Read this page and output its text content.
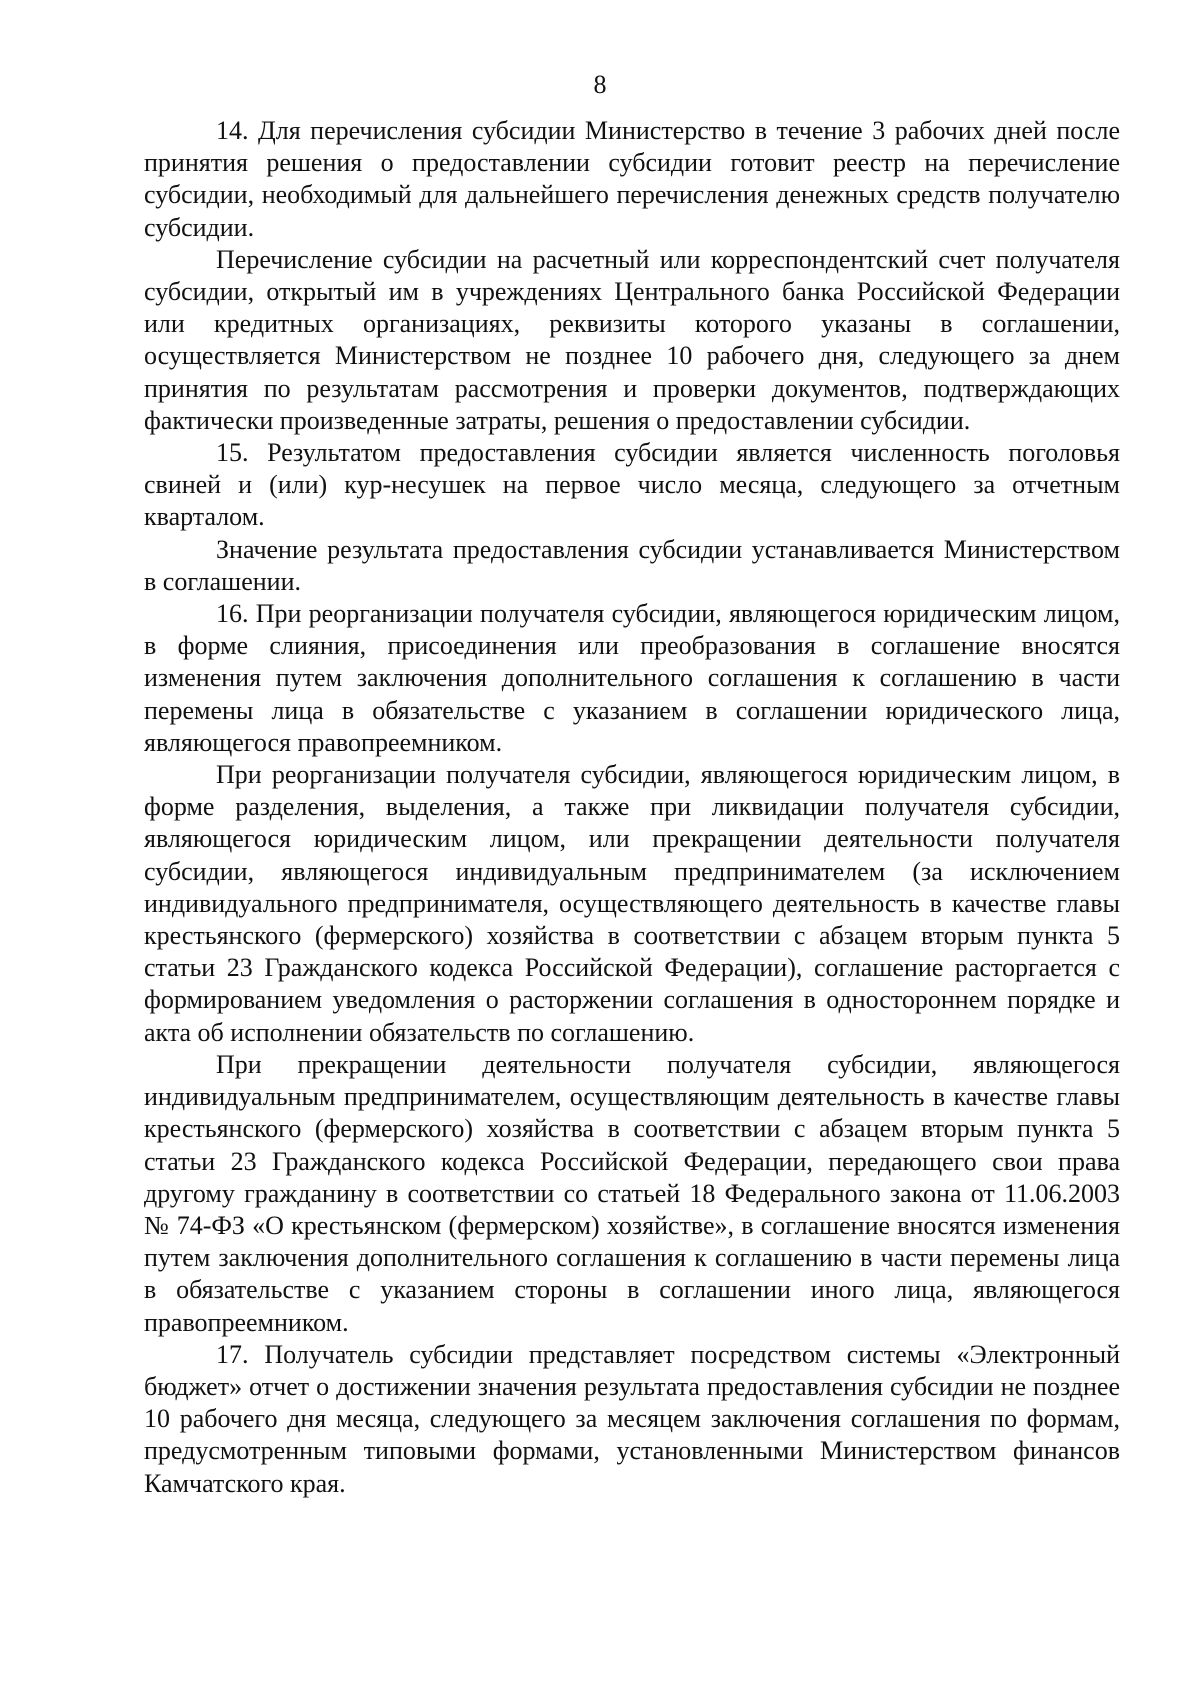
8

14. Для перечисления субсидии Министерство в течение 3 рабочих дней после принятия решения о предоставлении субсидии готовит реестр на перечисление субсидии, необходимый для дальнейшего перечисления денежных средств получателю субсидии.

Перечисление субсидии на расчетный или корреспондентский счет получателя субсидии, открытый им в учреждениях Центрального банка Российской Федерации или кредитных организациях, реквизиты которого указаны в соглашении, осуществляется Министерством не позднее 10 рабочего дня, следующего за днем принятия по результатам рассмотрения и проверки документов, подтверждающих фактически произведенные затраты, решения о предоставлении субсидии.

15. Результатом предоставления субсидии является численность поголовья свиней и (или) кур-несушек на первое число месяца, следующего за отчетным кварталом.

Значение результата предоставления субсидии устанавливается Министерством в соглашении.

16. При реорганизации получателя субсидии, являющегося юридическим лицом, в форме слияния, присоединения или преобразования в соглашение вносятся изменения путем заключения дополнительного соглашения к соглашению в части перемены лица в обязательстве с указанием в соглашении юридического лица, являющегося правопреемником.

При реорганизации получателя субсидии, являющегося юридическим лицом, в форме разделения, выделения, а также при ликвидации получателя субсидии, являющегося юридическим лицом, или прекращении деятельности получателя субсидии, являющегося индивидуальным предпринимателем (за исключением индивидуального предпринимателя, осуществляющего деятельность в качестве главы крестьянского (фермерского) хозяйства в соответствии с абзацем вторым пункта 5 статьи 23 Гражданского кодекса Российской Федерации), соглашение расторгается с формированием уведомления о расторжении соглашения в одностороннем порядке и акта об исполнении обязательств по соглашению.

При прекращении деятельности получателя субсидии, являющегося индивидуальным предпринимателем, осуществляющим деятельность в качестве главы крестьянского (фермерского) хозяйства в соответствии с абзацем вторым пункта 5 статьи 23 Гражданского кодекса Российской Федерации, передающего свои права другому гражданину в соответствии со статьей 18 Федерального закона от 11.06.2003 № 74-ФЗ «О крестьянском (фермерском) хозяйстве», в соглашение вносятся изменения путем заключения дополнительного соглашения к соглашению в части перемены лица в обязательстве с указанием стороны в соглашении иного лица, являющегося правопреемником.

17. Получатель субсидии представляет посредством системы «Электронный бюджет» отчет о достижении значения результата предоставления субсидии не позднее 10 рабочего дня месяца, следующего за месяцем заключения соглашения по формам, предусмотренным типовыми формами, установленными Министерством финансов Камчатского края.
